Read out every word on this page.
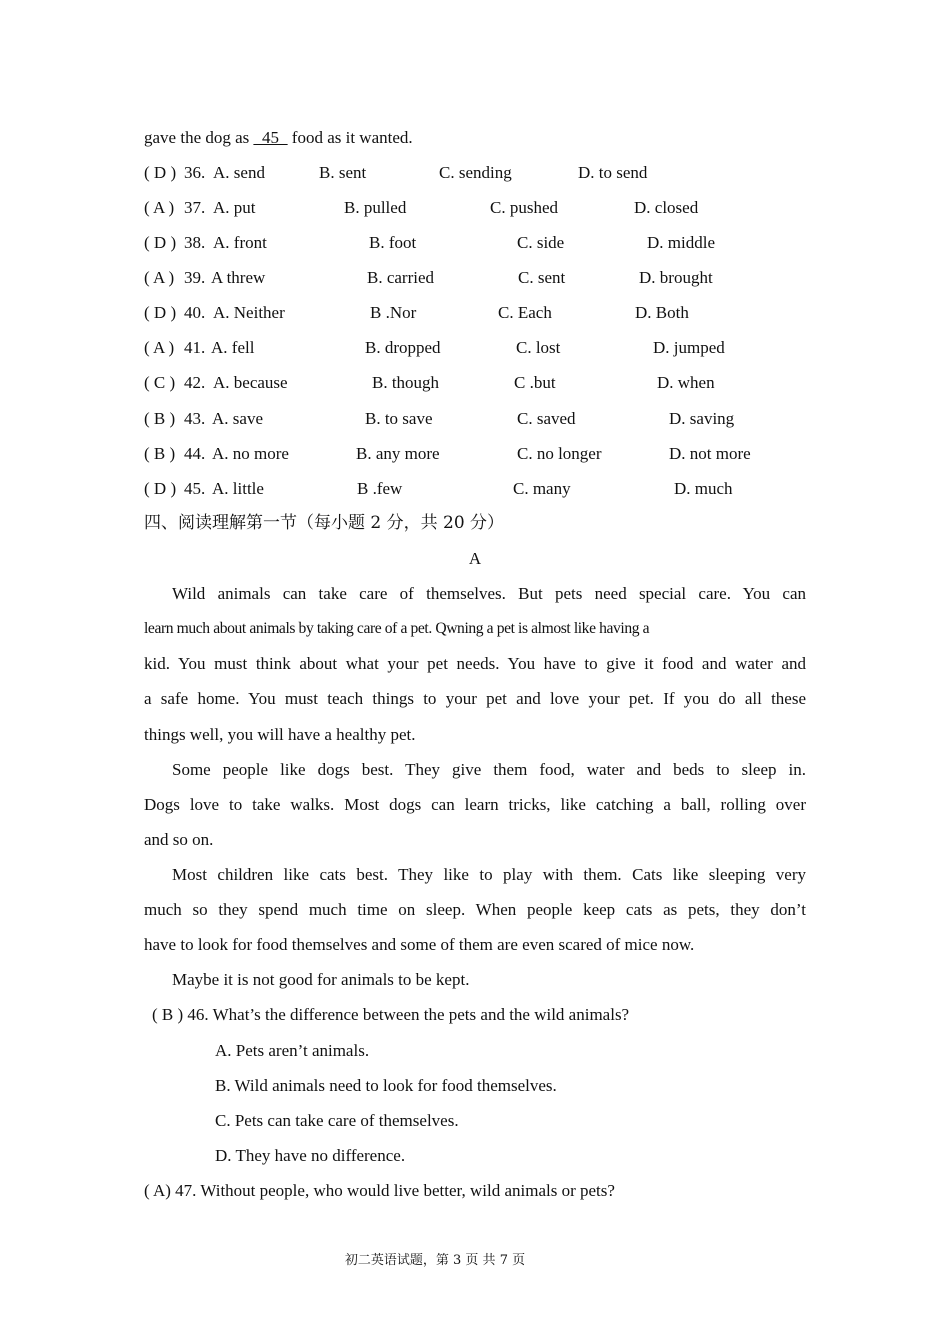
gave the dog as _45_ food as it wanted.
( D ) 36. A. send	B. sent	C. sending	D. to send
( A ) 37. A. put	B. pulled	C. pushed	D. closed
( D ) 38. A. front	B. foot	C. side	D. middle
( A ) 39. A threw	B. carried	C. sent	D. brought
( D ) 40. A. Neither	B .Nor	C. Each	D. Both
( A ) 41. A. fell	B. dropped	C. lost	D. jumped
( C ) 42. A. because	B. though	C .but	D. when
( B ) 43. A. save	B. to save	C. saved	D. saving
( B ) 44. A. no more	B. any more	C. no longer	D. not more
( D ) 45. A. little	B .few	C. many	D. much
四、阅读理解第一节（每小题 2 分，共 20 分）
A
Wild animals can take care of themselves. But pets need special care. You can
learn much about animals by taking care of a pet. Qwning a pet is almost like having a
kid. You must think about what your pet needs. You have to give it food and water and
a safe home. You must teach things to your pet and love your pet. If you do all these
things well, you will have a healthy pet.
Some people like dogs best. They give them food, water and beds to sleep in.
Dogs love to take walks. Most dogs can learn tricks, like catching a ball, rolling over
and so on.
Most children like cats best. They like to play with them. Cats like sleeping very
much so they spend much time on sleep. When people keep cats as pets, they don’t
have to look for food themselves and some of them are even scared of mice now.
Maybe it is not good for animals to be kept.
( B ) 46. What’s the difference between the pets and the wild animals?
A. Pets aren’t animals.
B. Wild animals need to look for food themselves.
C. Pets can take care of themselves.
D. They have no difference.
( A) 47. Without people, who would live better, wild animals or pets?
初二英语试题，第 3 页 共 7 页
